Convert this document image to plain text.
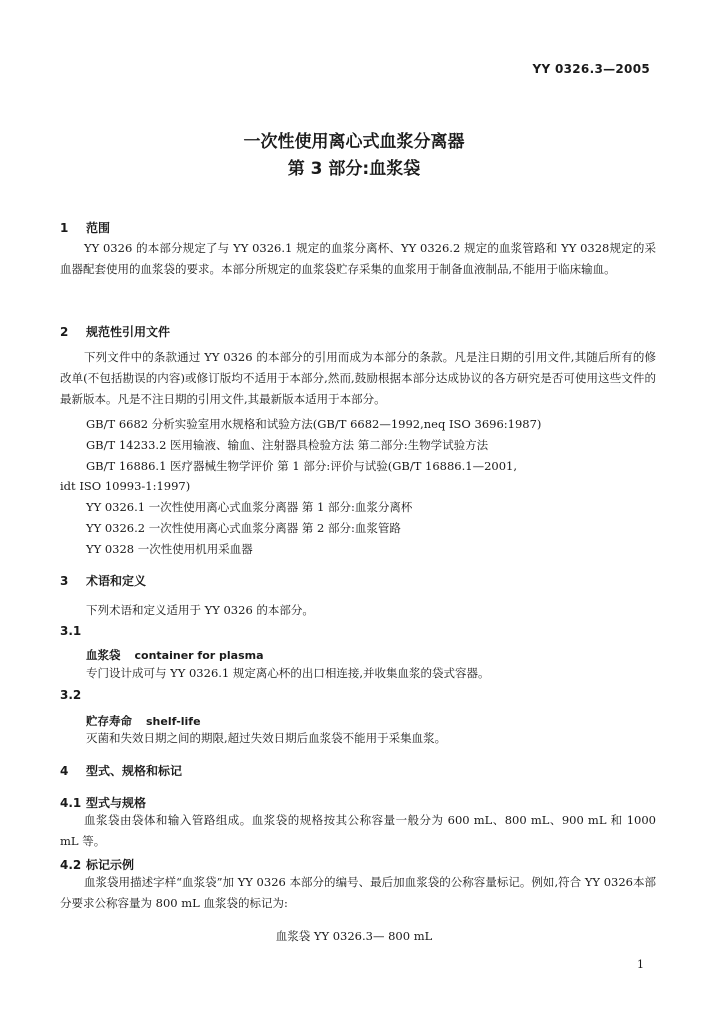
YY 0326.3—2005
一次性使用离心式血浆分离器
第 3 部分:血浆袋
1 范围

YY 0326 的本部分规定了与 YY 0326.1 规定的血浆分离杯、YY 0326.2 规定的血浆管路和 YY 0328规定的采血器配套使用的血浆袋的要求。本部分所规定的血浆袋贮存采集的血浆用于制备血液制品,不能用于临床输血。

2 规范性引用文件

下列文件中的条款通过 YY 0326 的本部分的引用而成为本部分的条款。凡是注日期的引用文件,其随后所有的修改单(不包括勘误的内容)或修订版均不适用于本部分,然而,鼓励根据本部分达成协议的各方研究是否可使用这些文件的最新版本。凡是不注日期的引用文件,其最新版本适用于本部分。

GB/T 6682 分析实验室用水规格和试验方法(GB/T 6682—1992,neq ISO 3696:1987)
GB/T 14233.2 医用输液、输血、注射器具检验方法 第二部分:生物学试验方法
GB/T 16886.1 医疗器械生物学评价 第 1 部分:评价与试验(GB/T 16886.1—2001,
idt ISO 10993-1:1997)
YY 0326.1 一次性使用离心式血浆分离器 第 1 部分:血浆分离杯
YY 0326.2 一次性使用离心式血浆分离器 第 2 部分:血浆管路
YY 0328 一次性使用机用采血器
3 术语和定义
下列术语和定义适用于 YY 0326 的本部分。
3.1
血浆袋 container for plasma
专门设计成可与 YY 0326.1 规定离心杯的出口相连接,并收集血浆的袋式容器。
3.2
贮存寿命 shelf-life
灭菌和失效日期之间的期限,超过失效日期后血浆袋不能用于采集血浆。
4 型式、规格和标记
4.1 型式与规格

血浆袋由袋体和输入管路组成。血浆袋的规格按其公称容量一般分为 600 mL、800 mL、900 mL 和 1000 mL 等。

4.2 标记示例

血浆袋用描述字样“血浆袋”加 YY 0326 本部分的编号、最后加血浆袋的公称容量标记。例如,符合 YY 0326本部分要求公称容量为 800 mL 血浆袋的标记为:

血浆袋 YY 0326.3— 800 mL
1
